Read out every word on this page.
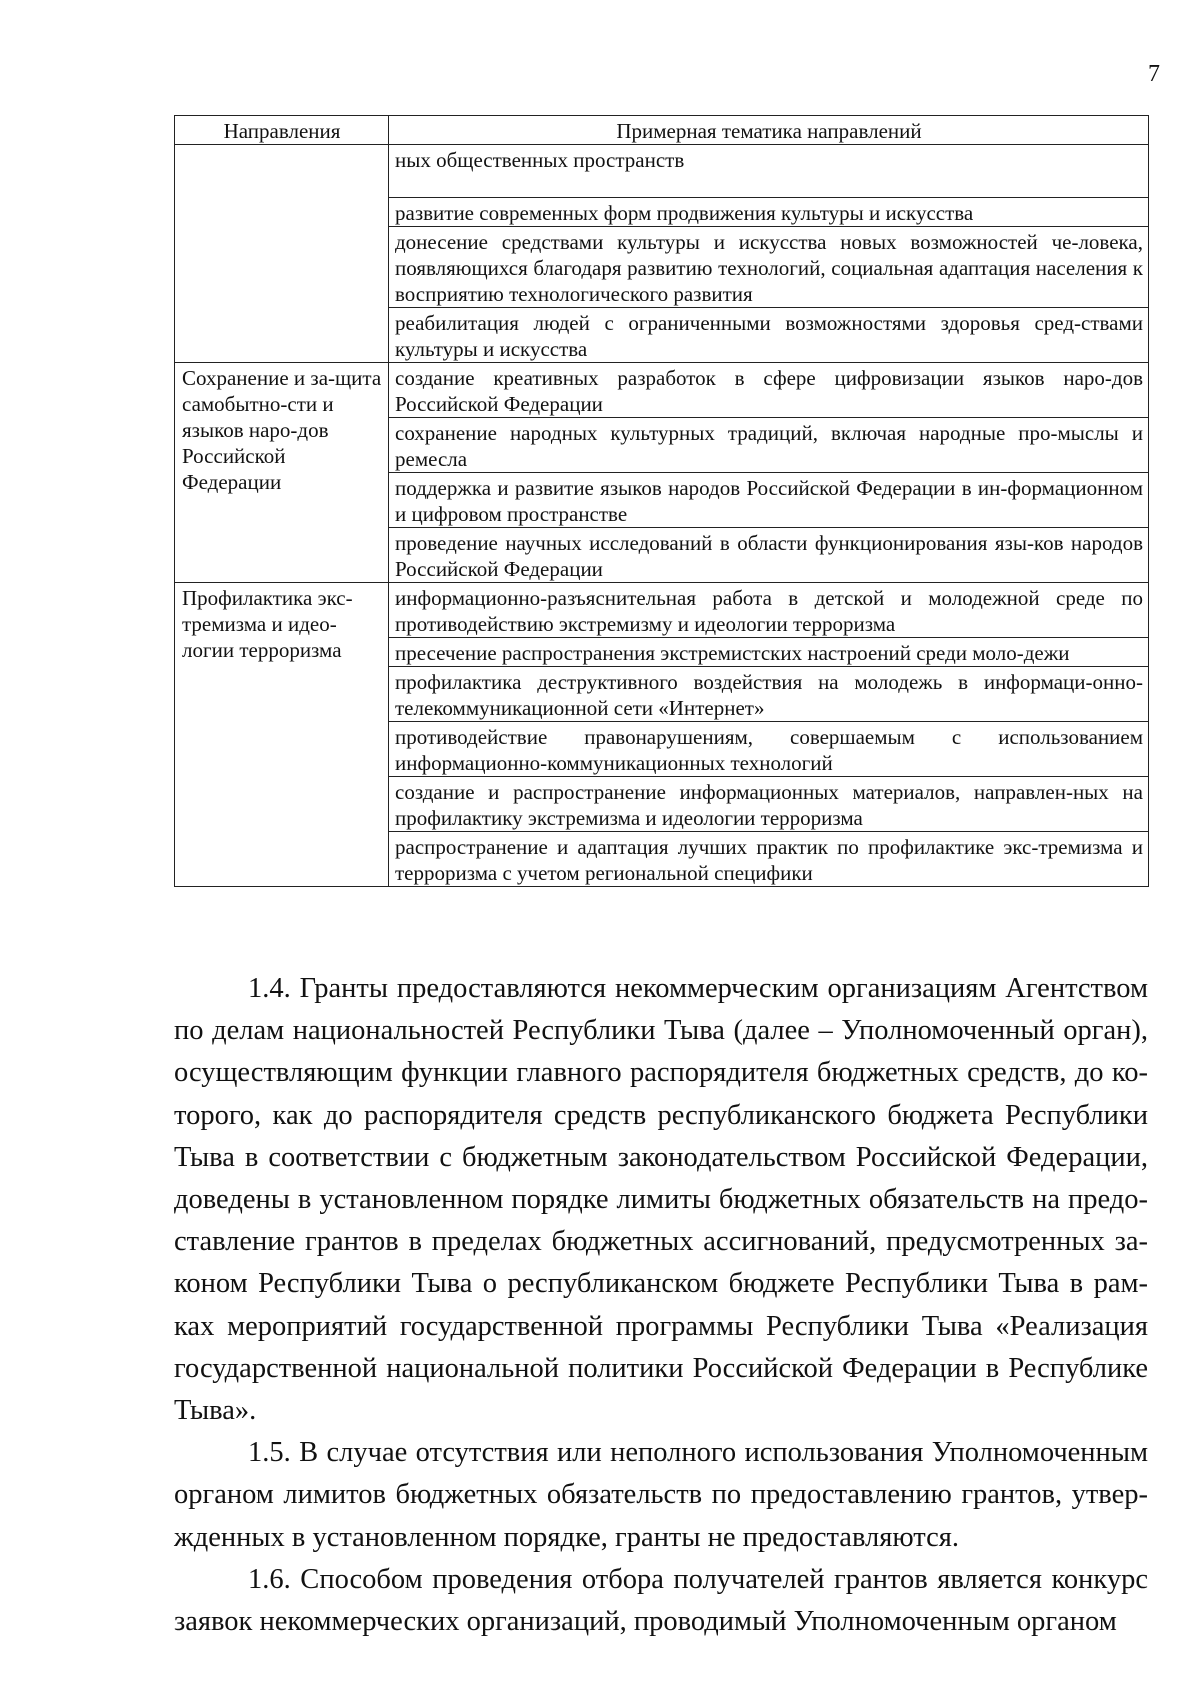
7
Направления	Примерная тематика направлений
	ных общественных пространств
	развитие современных форм продвижения культуры и искусства
	донесение средствами культуры и искусства новых возможностей че-ловека, появляющихся благодаря развитию технологий, социальная адаптация населения к восприятию технологического развития
	реабилитация людей с ограниченными возможностями здоровья сред-ствами культуры и искусства
Сохранение и за-щита самобытно-сти и языков наро-дов Российской Федерации	создание креативных разработок в сфере цифровизации языков наро-дов Российской Федерации
	сохранение народных культурных традиций, включая народные про-мыслы и ремесла
	поддержка и развитие языков народов Российской Федерации в ин-формационном и цифровом пространстве
	проведение научных исследований в области функционирования язы-ков народов Российской Федерации
Профилактика экс-тремизма и идео-логии терроризма	информационно-разъяснительная работа в детской и молодежной среде по противодействию экстремизму и идеологии терроризма
	пресечение распространения экстремистских настроений среди моло-дежи
	профилактика деструктивного воздействия на молодежь в информаци-онно-телекоммуникационной сети «Интернет»
	противодействие правонарушениям, совершаемым с использованием информационно-коммуникационных технологий
	создание и распространение информационных материалов, направлен-ных на профилактику экстремизма и идеологии терроризма
	распространение и адаптация лучших практик по профилактике экс-тремизма и терроризма с учетом региональной специфики

1.4. Гранты предоставляются некоммерческим организациям Агентством по делам национальностей Республики Тыва (далее – Уполномоченный орган), осуществляющим функции главного распорядителя бюджетных средств, до ко-торого, как до распорядителя средств республиканского бюджета Республики Тыва в соответствии с бюджетным законодательством Российской Федерации, доведены в установленном порядке лимиты бюджетных обязательств на предо-ставление грантов в пределах бюджетных ассигнований, предусмотренных за-коном Республики Тыва о республиканском бюджете Республики Тыва в рам-ках мероприятий государственной программы Республики Тыва «Реализация государственной национальной политики Российской Федерации в Республике Тыва».

1.5. В случае отсутствия или неполного использования Уполномоченным органом лимитов бюджетных обязательств по предоставлению грантов, утвер-жденных в установленном порядке, гранты не предоставляются.

1.6. Способом проведения отбора получателей грантов является конкурс заявок некоммерческих организаций, проводимый Уполномоченным органом
